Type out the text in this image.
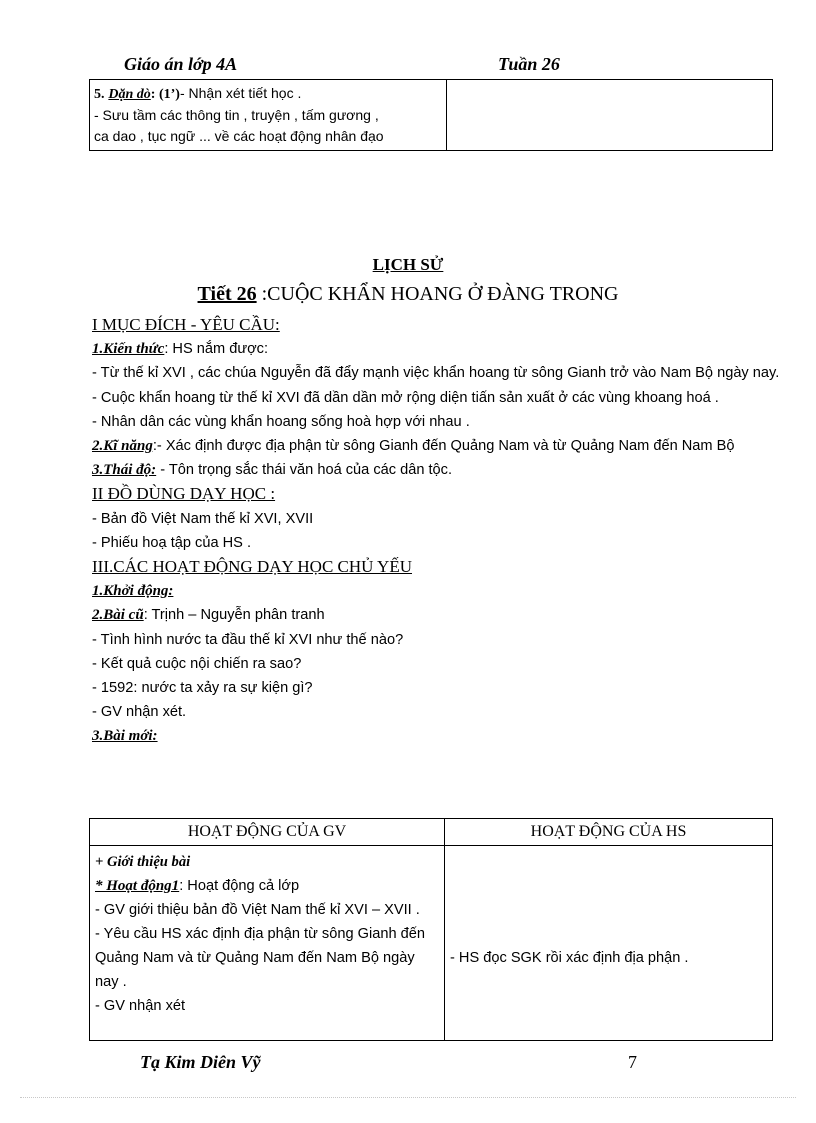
Giáo án lớp 4A	Tuần 26
5. Dặn dò: (1’)- Nhận xét tiết học .
- Sưu tầm các thông tin , truyện , tấm gương ,
ca dao , tục ngữ ... về các hoạt động nhân đạo

LỊCH SỬ
Tiết 26 :CUỘC KHẨN HOANG Ở ĐÀNG TRONG

I MỤC ĐÍCH - YÊU CẦU:

1.Kiến thức: HS nắm được:

- Từ thế kỉ XVI , các chúa Nguyễn đã đẩy mạnh việc khẩn hoang từ sông Gianh trở vào Nam Bộ ngày nay.

- Cuộc khẩn hoang từ thế kỉ XVI đã dần dần mở rộng diện tiấn sản xuất ở các vùng khoang hoá .

- Nhân dân các vùng khẩn hoang sống hoà hợp với nhau .

2.Kĩ năng:- Xác định được địa phận từ sông Gianh đến Quảng Nam và từ Quảng Nam đến Nam Bộ

3.Thái độ: - Tôn trọng sắc thái văn hoá của các dân tộc.

II ĐỒ DÙNG DẠY HỌC :

- Bản đồ Việt Nam thế kỉ XVI, XVII

- Phiếu hoạ tập của HS .

III.CÁC HOẠT ĐỘNG DẠY HỌC CHỦ YẾU

1.Khởi động:

2.Bài cũ: Trịnh – Nguyễn phân tranh

- Tình hình nước ta đầu thế kỉ XVI như thế nào?

- Kết quả cuộc nội chiến ra sao?

- 1592: nước ta xảy ra sự kiện gì?

- GV nhận xét.

3.Bài mới:

HOẠT ĐỘNG CỦA GV	HOẠT ĐỘNG CỦA HS

+ Giới thiệu bài
* Hoạt động1: Hoạt động cả lớp
- GV giới thiệu bản đồ Việt Nam thế kỉ XVI – XVII .
- Yêu cầu HS xác định địa phận từ sông Gianh đến Quảng Nam và từ Quảng Nam đến Nam Bộ ngày nay .
- GV nhận xét	- HS đọc SGK rồi xác định địa phận .
Tạ Kim Diên Vỹ	7
